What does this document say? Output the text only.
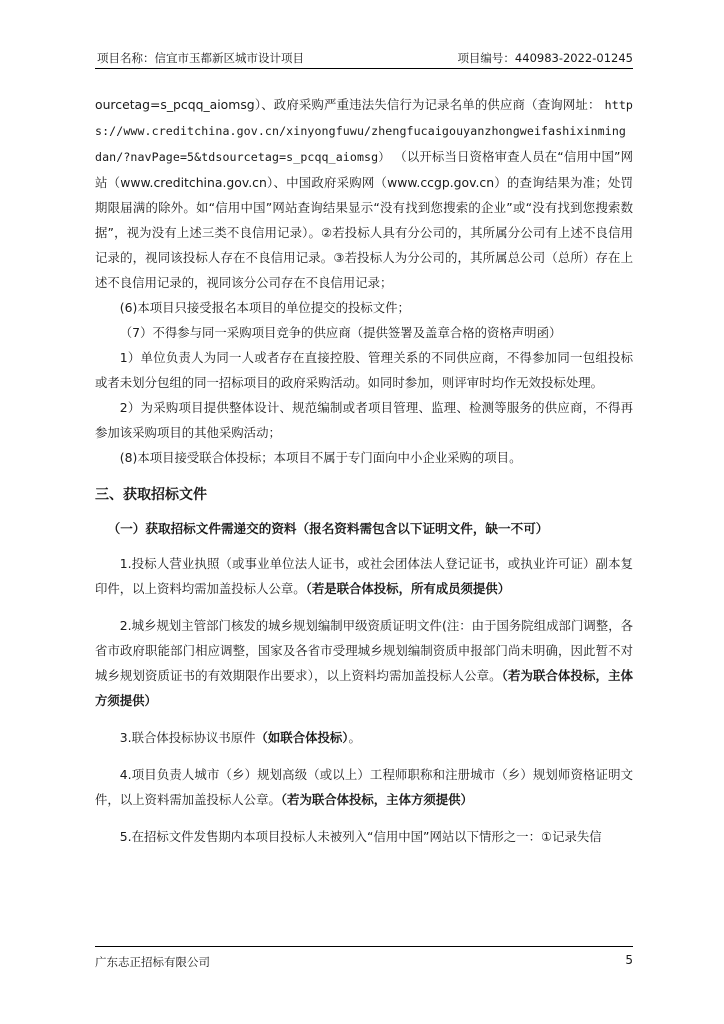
项目名称：信宜市玉都新区城市设计项目	项目编号：440983-2022-01245

ourcetag=s_pcqq_aiomsg）、政府采购严重违法失信行为记录名单的供应商（查询网址： https://www.creditchina.gov.cn/xinyongfuwu/zhengfucaigouyanzhongweifashixinmingdan/?navPage=5&tdsourcetag=s_pcqq_aiomsg） （以开标当日资格审查人员在“信用中国”网站（www.creditchina.gov.cn）、中国政府采购网（www.ccgp.gov.cn）的查询结果为准；处罚期限届满的除外。如“信用中国”网站查询结果显示“没有找到您搜索的企业”或“没有找到您搜索数据”，视为没有上述三类不良信用记录）。②若投标人具有分公司的，其所属分公司有上述不良信用记录的，视同该投标人存在不良信用记录。③若投标人为分公司的，其所属总公司（总所）存在上述不良信用记录的，视同该分公司存在不良信用记录；

(6)本项目只接受报名本项目的单位提交的投标文件；

（7）不得参与同一采购项目竞争的供应商（提供签署及盖章合格的资格声明函）

1）单位负责人为同一人或者存在直接控股、管理关系的不同供应商，不得参加同一包组投标或者未划分包组的同一招标项目的政府采购活动。如同时参加，则评审时均作无效投标处理。

2）为采购项目提供整体设计、规范编制或者项目管理、监理、检测等服务的供应商，不得再参加该采购项目的其他采购活动；

(8)本项目接受联合体投标；本项目不属于专门面向中小企业采购的项目。

三、获取招标文件
（一）获取招标文件需递交的资料（报名资料需包含以下证明文件，缺一不可）

1.投标人营业执照（或事业单位法人证书，或社会团体法人登记证书，或执业许可证）副本复印件，以上资料均需加盖投标人公章。（若是联合体投标，所有成员须提供）

2.城乡规划主管部门核发的城乡规划编制甲级资质证明文件(注：由于国务院组成部门调整，各省市政府职能部门相应调整，国家及各省市受理城乡规划编制资质申报部门尚未明确，因此暂不对城乡规划资质证书的有效期限作出要求），以上资料均需加盖投标人公章。（若为联合体投标，主体方须提供）

3.联合体投标协议书原件（如联合体投标）。

4.项目负责人城市（乡）规划高级（或以上）工程师职称和注册城市（乡）规划师资格证明文件，以上资料需加盖投标人公章。（若为联合体投标，主体方须提供）

5.在招标文件发售期内本项目投标人未被列入“信用中国”网站以下情形之一：①记录失信

广东志正招标有限公司	5
